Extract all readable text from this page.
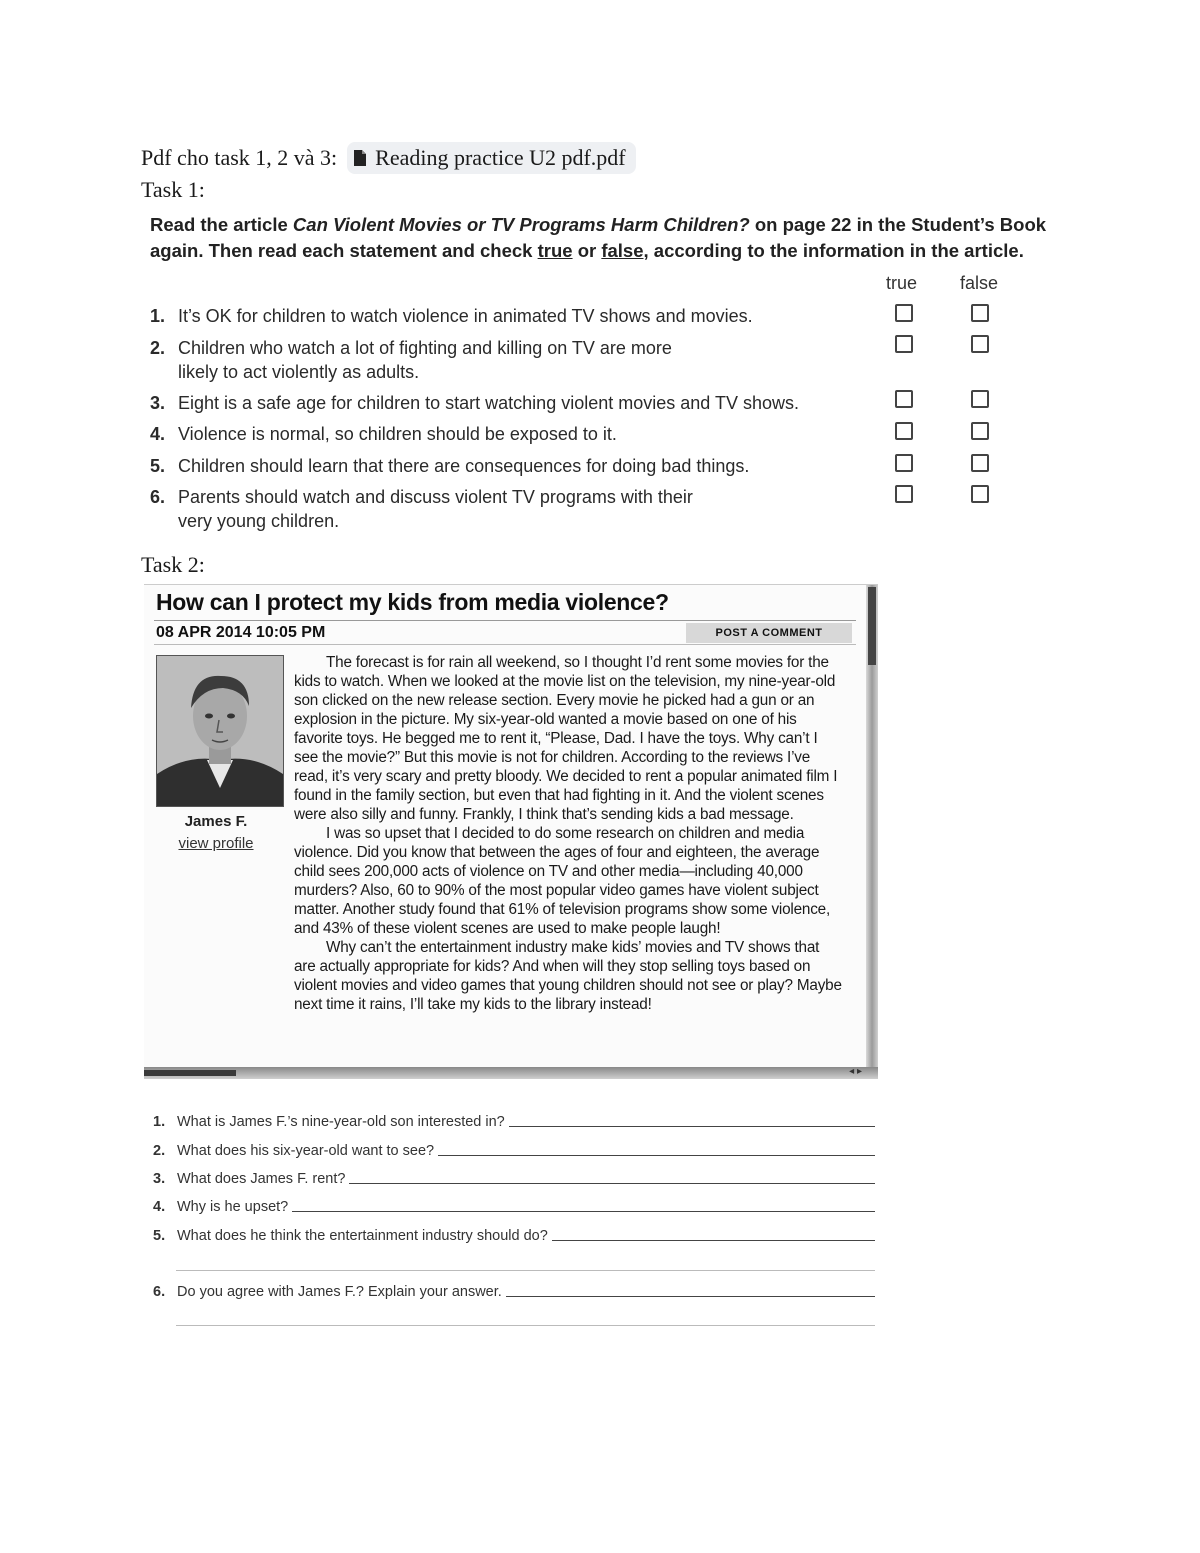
Pdf cho task 1, 2 và 3: Reading practice U2 pdf.pdf
Task 1:
Read the article Can Violent Movies or TV Programs Harm Children? on page 22 in the Student’s Book again. Then read each statement and check true or false, according to the information in the article.
true false
1. It’s OK for children to watch violence in animated TV shows and movies.
2. Children who watch a lot of fighting and killing on TV are more
likely to act violently as adults.
3. Eight is a safe age for children to start watching violent movies and TV shows.
4. Violence is normal, so children should be exposed to it.
5. Children should learn that there are consequences for doing bad things.
6. Parents should watch and discuss violent TV programs with their
very young children.
Task 2:
How can I protect my kids from media violence?
08 APR 2014 10:05 PM	POST A COMMENT
James F.
view profile

The forecast is for rain all weekend, so I thought I’d rent some movies for the kids to watch. When we looked at the movie list on the television, my nine-year-old son clicked on the new release section. Every movie he picked had a gun or an explosion in the picture. My six-year-old wanted a movie based on one of his favorite toys. He begged me to rent it, “Please, Dad. I have the toys. Why can’t I see the movie?” But this movie is not for children. According to the reviews I’ve read, it’s very scary and pretty bloody. We decided to rent a popular animated film I found in the family section, but even that had fighting in it. And the violent scenes were also silly and funny. Frankly, I think that’s sending kids a bad message.

I was so upset that I decided to do some research on children and media violence. Did you know that between the ages of four and eighteen, the average child sees 200,000 acts of violence on TV and other media—including 40,000 murders? Also, 60 to 90% of the most popular video games have violent subject matter. Another study found that 61% of television programs show some violence, and 43% of these violent scenes are used to make people laugh!

Why can’t the entertainment industry make kids’ movies and TV shows that are actually appropriate for kids? And when will they stop selling toys based on violent movies and video games that young children should not see or play? Maybe next time it rains, I’ll take my kids to the library instead!

◂ ▸
1. What is James F.’s nine-year-old son interested in?
2. What does his six-year-old want to see?
3. What does James F. rent?
4. Why is he upset?
5. What does he think the entertainment industry should do?
6. Do you agree with James F.? Explain your answer.
